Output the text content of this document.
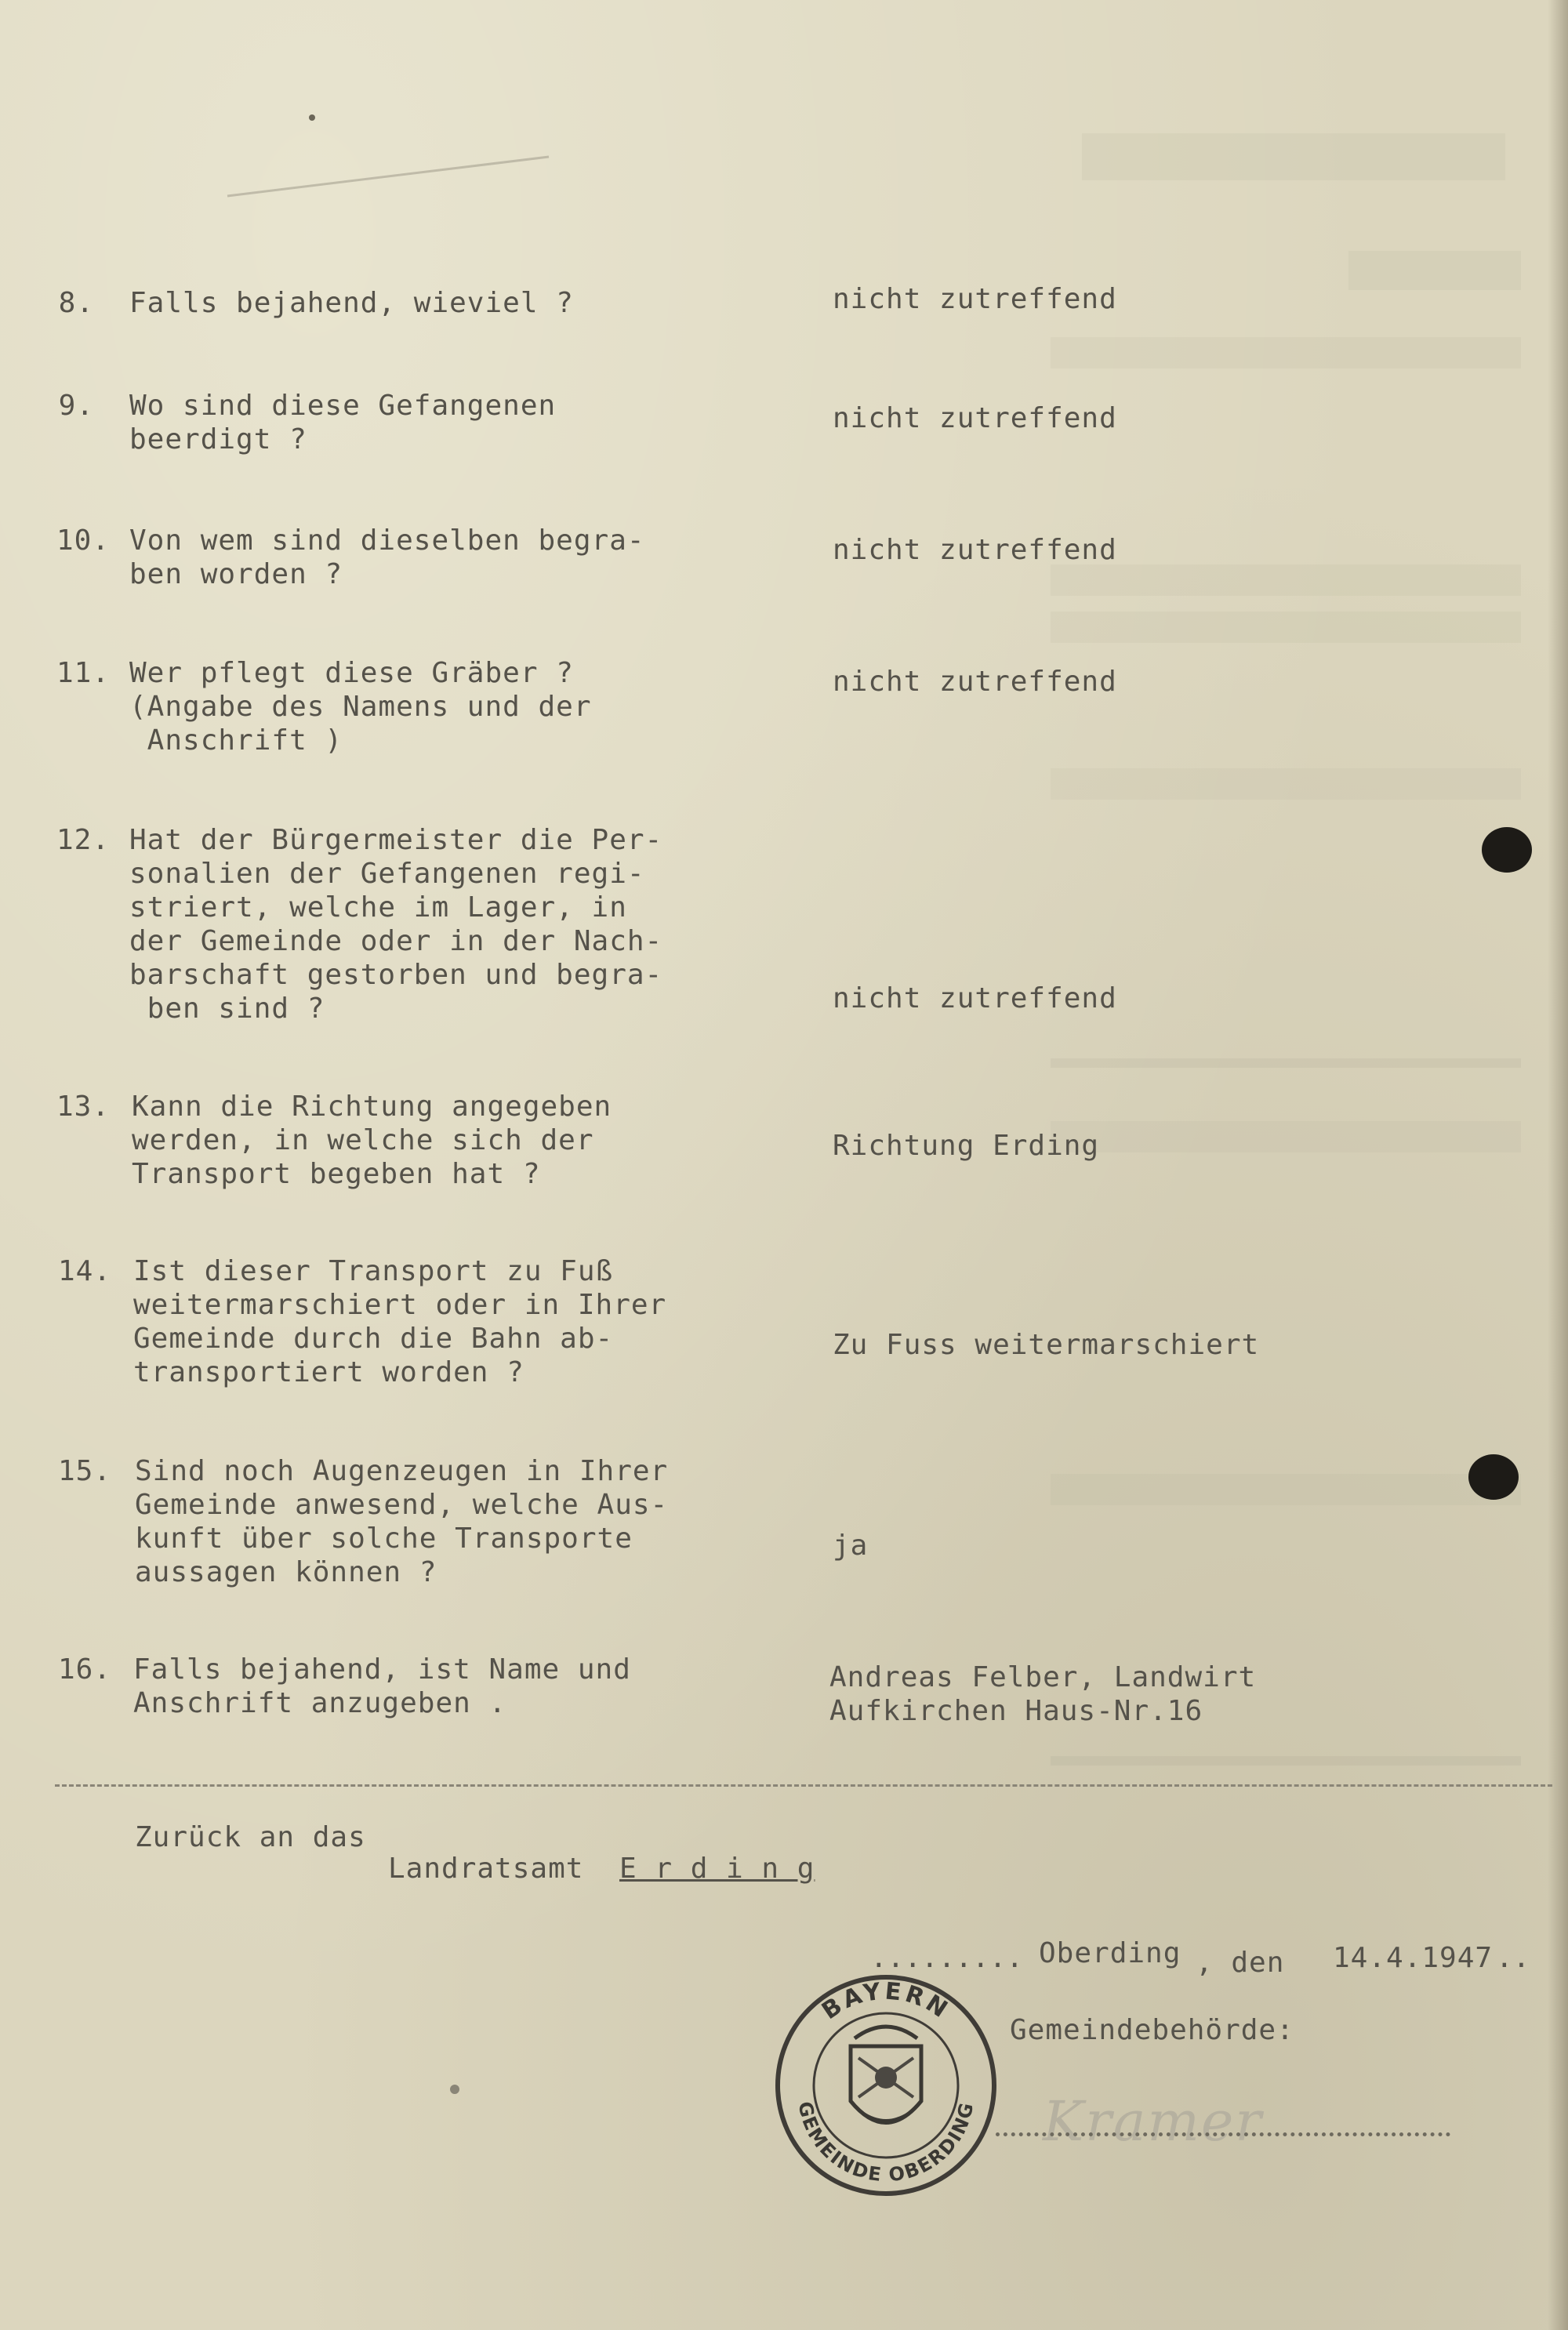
8. Falls bejahend, wieviel ?	nicht zutreffend
9. Wo sind diese Gefangenen
beerdigt ?
nicht zutreffend
10. Von wem sind dieselben begra-
ben worden ?
nicht zutreffend
11. Wer pflegt diese Gräber ?
(Angabe des Namens und der
Anschrift )
nicht zutreffend
12. Hat der Bürgermeister die Per-
sonalien der Gefangenen regi-
striert, welche im Lager, in
der Gemeinde oder in der Nach-
barschaft gestorben und begra-
ben sind ?	nicht zutreffend
13. Kann die Richtung angegeben
werden, in welche sich der
Transport begeben hat ?
Richtung Erding
14. Ist dieser Transport zu Fuß
weitermarschiert oder in Ihrer
Gemeinde durch die Bahn ab-
transportiert worden ?
Zu Fuss weitermarschiert
15. Sind noch Augenzeugen in Ihrer
Gemeinde anwesend, welche Aus-
kunft über solche Transporte
aussagen können ?
ja
16. Falls bejahend, ist Name und
Anschrift anzugeben .
Andreas Felber, Landwirt
Aufkirchen Haus-Nr.16
Zurück an das
Landratsamt E r d i n g
......... Oberding , den 14.4.1947 ..
Gemeindebehörde:
Kramer
BAYERN
GEMEINDE OBERDING
